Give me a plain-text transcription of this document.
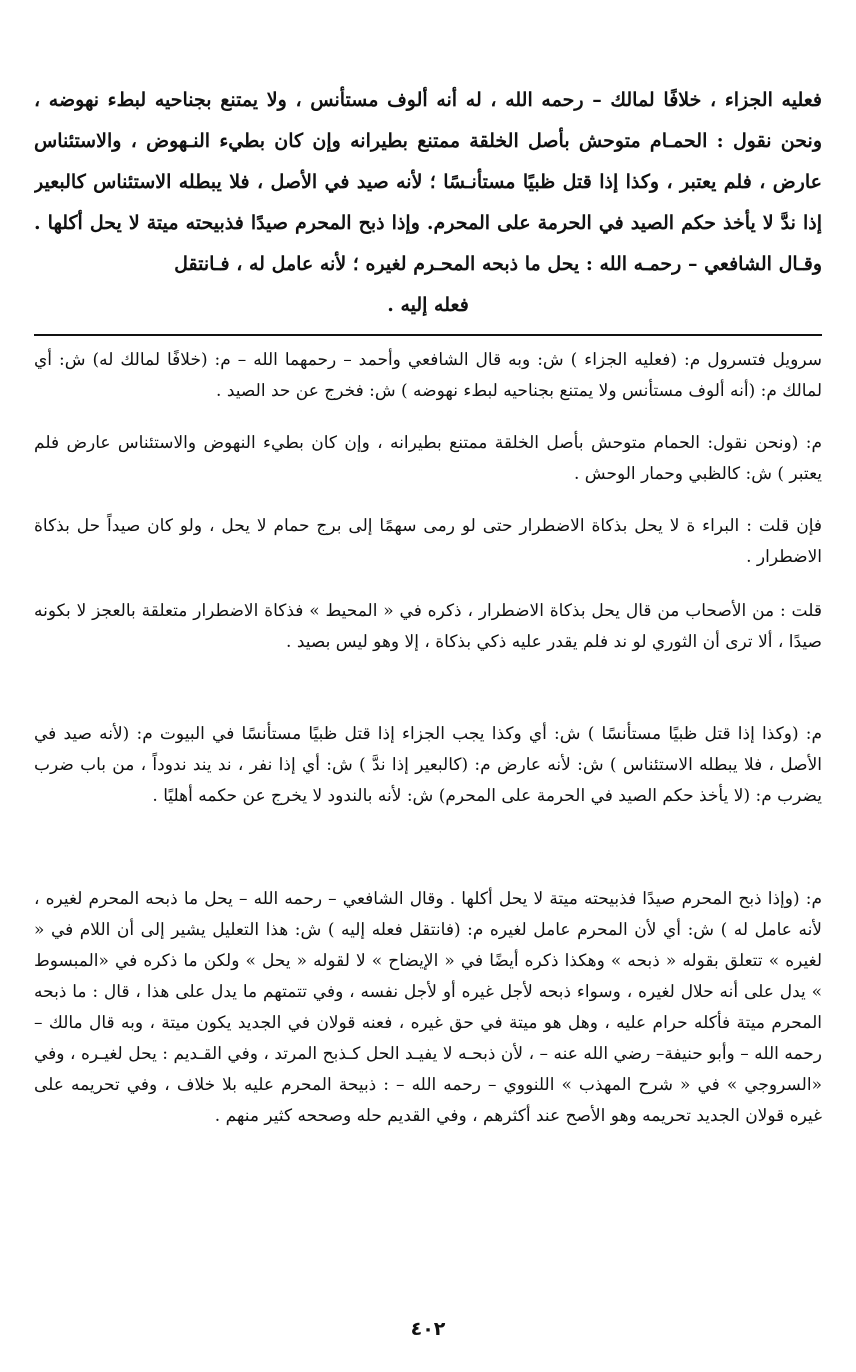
فعليه الجزاء ، خلافًا لمالك – رحمه الله ، له أنه ألوف مستأنس ، ولا يمتنع بجناحيه لبطء نهوضه ، ونحن نقول : الحمـام متوحش بأصل الخلقة ممتنع بطيرانه وإن كان بطيء النـهوض ، والاستئناس عارض ، فلم يعتبر ، وكذا إذا قتل ظبيًا مستأنـسًا ؛ لأنه صيد في الأصل ، فلا يبطله الاستئناس كالبعير إذا ندَّ لا يأخذ حكم الصيد في الحرمة على المحرم. وإذا ذبح المحرم صيدًا فذبيحته ميتة لا يحل أكلها . وقـال الشافعي – رحمـه الله : يحل ما ذبحه المحـرم لغيره ؛ لأنه عامل له ، فـانتقل
فعله إليه .

سرويل فتسرول م: (فعليه الجزاء ) ش: وبه قال الشافعي وأحمد – رحمهما الله – م: (خلافًا لمالك له) ش: أي لمالك م: (أنه ألوف مستأنس ولا يمتنع بجناحيه لبطء نهوضه ) ش: فخرج عن حد الصيد .

م: (ونحن نقول: الحمام متوحش بأصل الخلقة ممتنع بطيرانه ، وإن كان بطيء النهوض والاستئناس عارض فلم يعتبر ) ش: كالظبي وحمار الوحش .

فإن قلت : البراء ة لا يحل بذكاة الاضطرار حتى لو رمى سهمًا إلى برج حمام لا يحل ، ولو كان صيداً حل بذكاة الاضطرار .

قلت : من الأصحاب من قال يحل بذكاة الاضطرار ، ذكره في « المحيط » فذكاة الاضطرار متعلقة بالعجز لا بكونه صيدًا ، ألا ترى أن الثوري لو ند فلم يقدر عليه ذكي بذكاة ، إلا وهو ليس بصيد .

م: (وكذا إذا قتل ظبيًا مستأنسًا ) ش: أي وكذا يجب الجزاء إذا قتل ظبيًا مستأنسًا في البيوت م: (لأنه صيد في الأصل ، فلا يبطله الاستئناس ) ش: لأنه عارض م: (كالبعير إذا ندَّ ) ش: أي إذا نفر ، ند يند ندوداً ، من باب ضرب يضرب م: (لا يأخذ حكم الصيد في الحرمة على المحرم) ش: لأنه بالندود لا يخرج عن حكمه أهليًا .

م: (وإذا ذبح المحرم صيدًا فذبيحته ميتة لا يحل أكلها . وقال الشافعي – رحمه الله – يحل ما ذبحه المحرم لغيره ، لأنه عامل له ) ش: أي لأن المحرم عامل لغيره م: (فانتقل فعله إليه ) ش: هذا التعليل يشير إلى أن اللام في « لغيره » تتعلق بقوله « ذبحه » وهكذا ذكره أيضًا في « الإيضاح » لا لقوله « يحل » ولكن ما ذكره في «المبسوط » يدل على أنه حلال لغيره ، وسواء ذبحه لأجل غيره أو لأجل نفسه ، وفي تتمتهم ما يدل على هذا ، قال : ما ذبحه المحرم ميتة فأكله حرام عليه ، وهل هو ميتة في حق غيره ، فعنه قولان في الجديد يكون ميتة ، وبه قال مالك – رحمه الله – وأبو حنيفة– رضي الله عنه – ، لأن ذبحـه لا يفيـد الحل كـذبح المرتد ، وفي القـديم : يحل لغيـره ، وفي «السروجي » في « شرح المهذب » اللنووي – رحمه الله – : ذبيحة المحرم عليه بلا خلاف ، وفي تحريمه على غيره قولان الجديد تحريمه وهو الأصح عند أكثرهم ، وفي القديم حله وصححه كثير منهم .

٤٠٢
